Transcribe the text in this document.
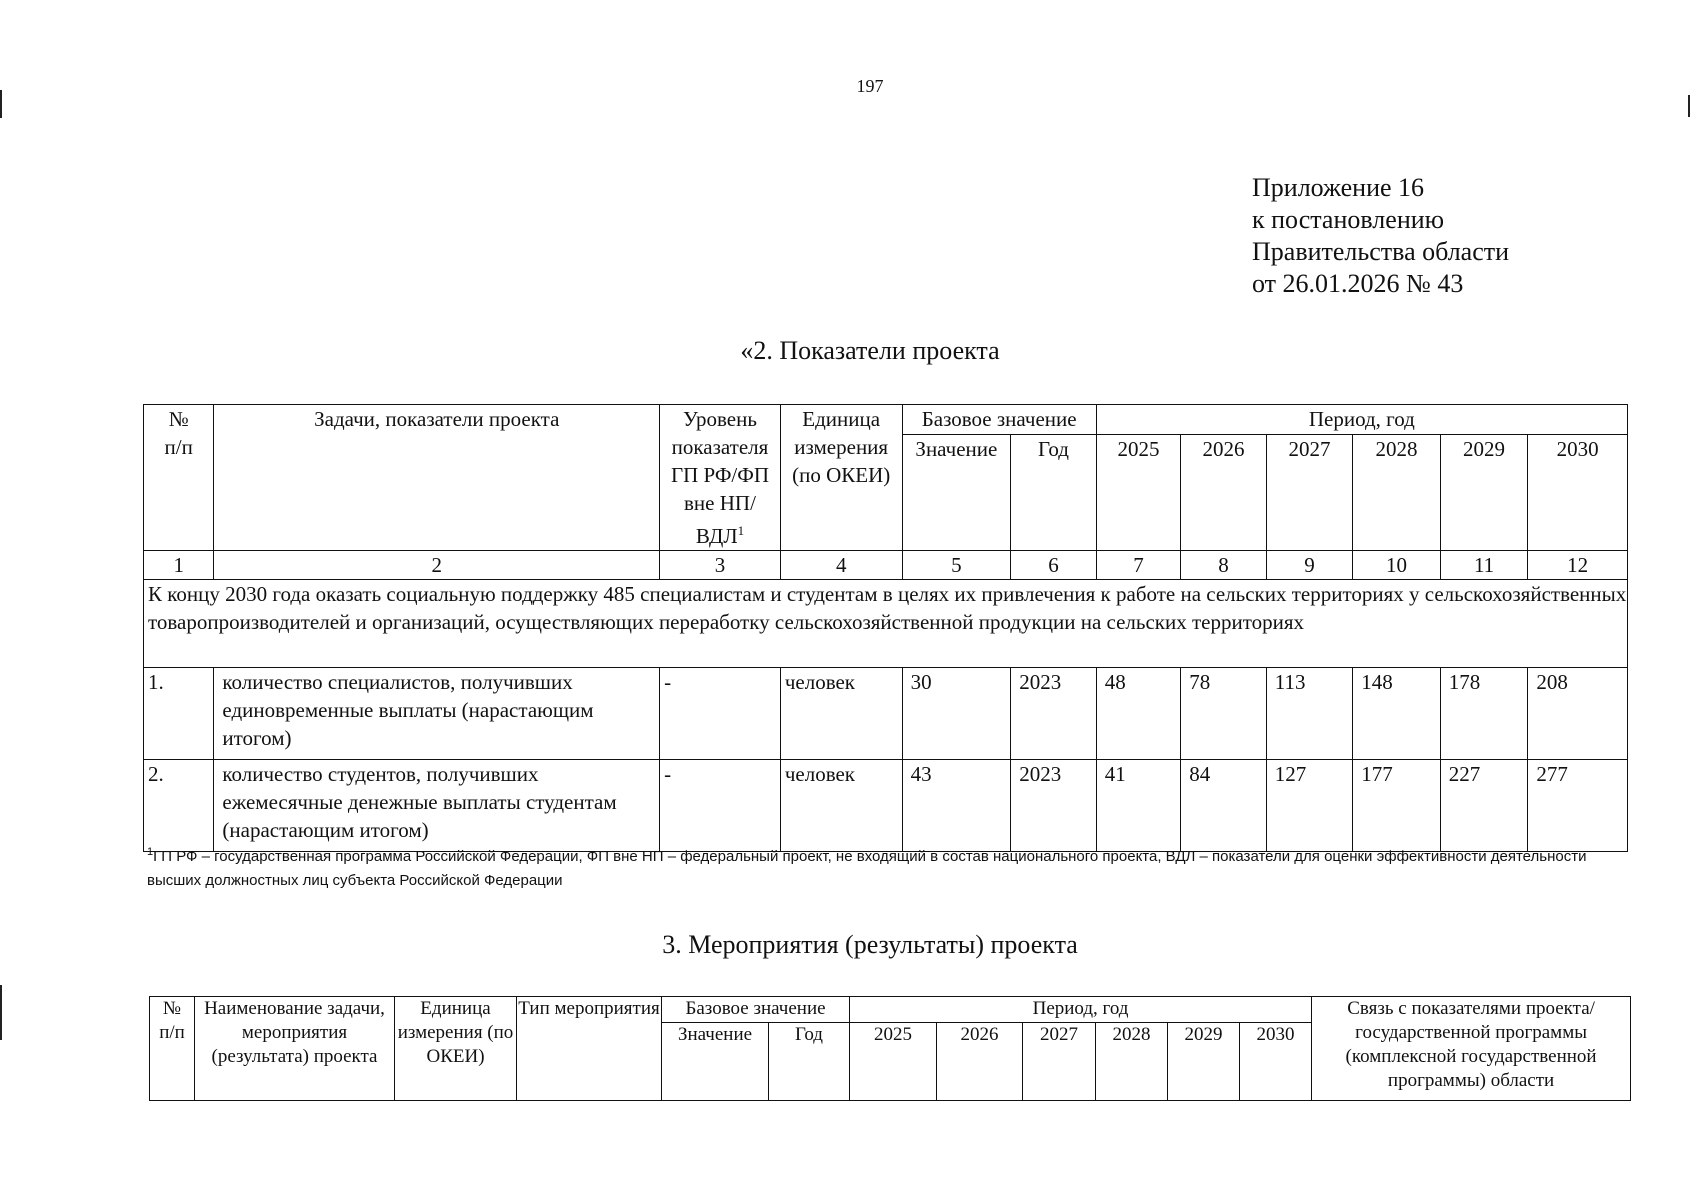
197
Приложение 16
к постановлению
Правительства области
от 26.01.2026 № 43
«2. Показатели проекта
№
п/п	Задачи, показатели проекта	Уровень показателя ГП РФ/ФП вне НП/ ВДЛ$^1$	Единица измерения (по ОКЕИ)	Базовое значение		Период, год					
				Значение	Год	2025	2026	2027	2028	2029	2030
1	2	3	4	5	6	7	8	9	10	11	12
К концу 2030 года оказать социальную поддержку 485 специалистам и студентам в целях их привлечения к работе на сельских территориях у сельскохозяйственных товаропроизводителей и организаций, осуществляющих переработку сельскохозяйственной продукции на сельских территориях											
1.	количество специалистов, получивших единовременные выплаты (нарастающим итогом)	-	человек	30	2023	48	78	113	148	178	208
2.	количество студентов, получивших ежемесячные денежные выплаты студентам (нарастающим итогом)	-	человек	43	2023	41	84	127	177	227	277
$^1$ГП РФ – государственная программа Российской Федерации, ФП вне НП – федеральный проект, не входящий в состав национального проекта, ВДЛ – показатели для оценки эффективности деятельности высших должностных лиц субъекта Российской Федерации
3. Мероприятия (результаты) проекта
№
п/п	Наименование задачи, мероприятия (результата) проекта	Единица измерения (по ОКЕИ)	Тип мероприятия	Базовое значение		Период, год						Связь с показателями проекта/государственной программы (комплексной государственной программы) области
				Значение	Год	2025	2026	2027	2028	2029	2030	
